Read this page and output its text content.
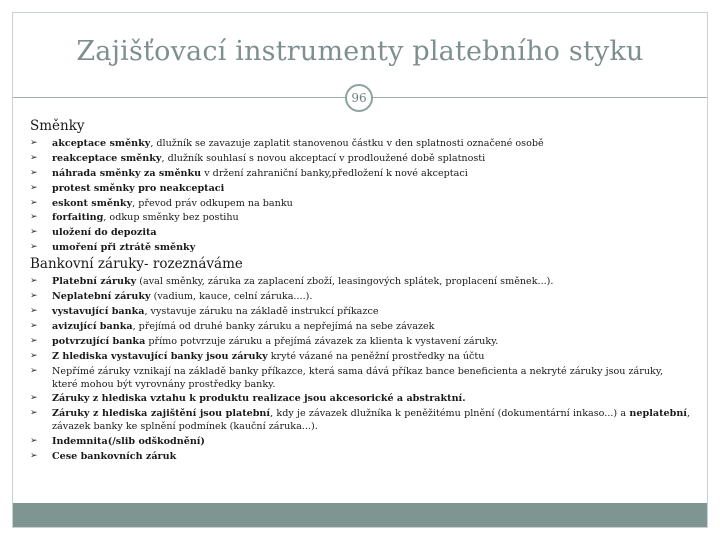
Zajišťovací instrumenty platebního styku
96
Směnky
➢ akceptace směnky, dlužník se zavazuje zaplatit stanovenou částku v den splatnosti označené osobě
➢ reakceptace směnky, dlužník souhlasí s novou akceptací v prodloužené době splatnosti
➢ náhrada směnky za směnku v držení zahraniční banky,předložení k nové akceptaci
➢ protest směnky pro neakceptaci
➢ eskont směnky, převod práv odkupem na banku
➢ forfaiting, odkup směnky bez postihu
➢ uložení do depozita
➢ umoření při ztrátě směnky
Bankovní záruky- rozeznáváme
➢ Platební záruky (aval směnky, záruka za zaplacení zboží, leasingových splátek, proplacení směnek...).
➢ Neplatební záruky (vadium, kauce, celní záruka....).
➢ vystavující banka, vystavuje záruku na základě instrukcí příkazce
➢ avizující banka, přejímá od druhé banky záruku a nepřejímá na sebe závazek
➢ potvrzující banka přímo potvrzuje záruku a přejímá závazek za klienta k vystavení záruky.
➢ Z hlediska vystavující banky jsou záruky kryté vázané na peněžní prostředky na účtu
➢ Nepřímé záruky vznikají na základě banky příkazce, která sama dává příkaz bance beneficienta a nekryté záruky jsou záruky, které mohou být vyrovnány prostředky banky.
➢ Záruky z hlediska vztahu k produktu realizace jsou akcesorické a abstraktní.
➢ Záruky z hlediska zajištění jsou platební, kdy je závazek dlužníka k peněžitému plnění (dokumentární inkaso...) a neplatební, závazek banky ke splnění podmínek (kauční záruka...).
➢ Indemnita(/slib odškodnění)
➢ Cese bankovních záruk
